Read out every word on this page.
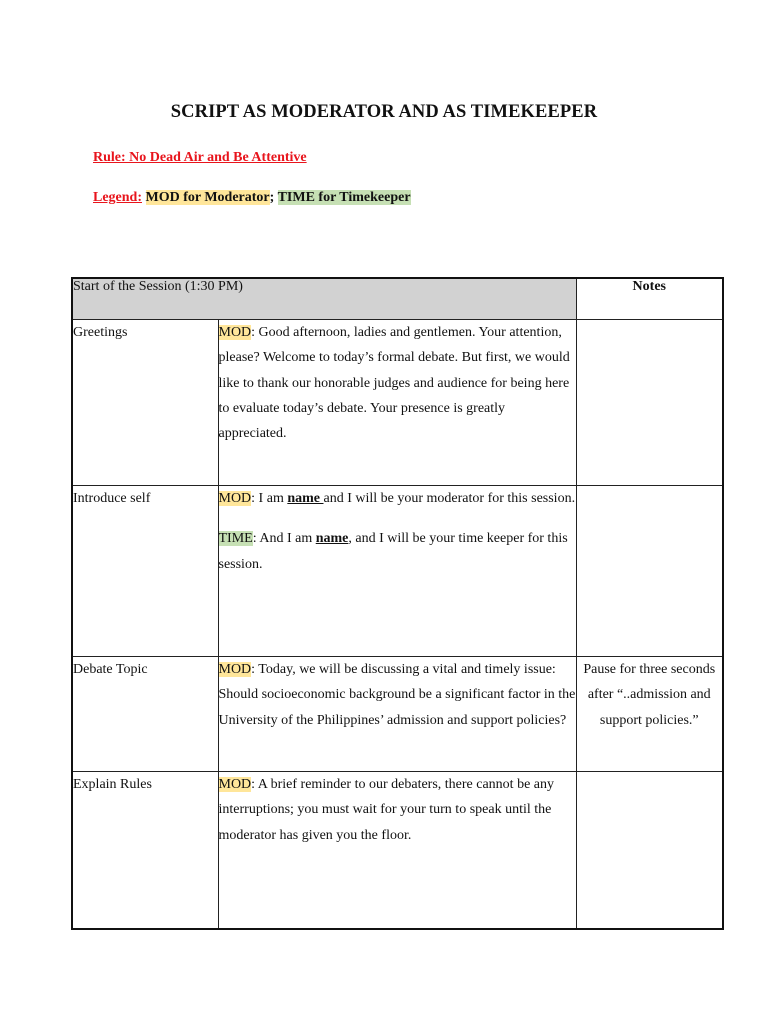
SCRIPT AS MODERATOR AND AS TIMEKEEPER
Rule: No Dead Air and Be Attentive
Legend: MOD for Moderator; TIME for Timekeeper
Start of the Session (1:30 PM)		Notes
Greetings	MOD: Good afternoon, ladies and gentlemen. Your attention, please? Welcome to today’s formal debate. But first, we would like to thank our honorable judges and audience for being here to evaluate today’s debate. Your presence is greatly appreciated.	

Introduce self	MOD: I am name and I will be your moderator for this session.

TIME: And I am name, and I will be your time keeper for this session.	

Debate Topic	MOD: Today, we will be discussing a vital and timely issue: Should socioeconomic background be a significant factor in the University of the Philippines’ admission and support policies?	Pause for three seconds after “..admission and support policies.”
Explain Rules	MOD: A brief reminder to our debaters, there cannot be any interruptions; you must wait for your turn to speak until the moderator has given you the floor.	
